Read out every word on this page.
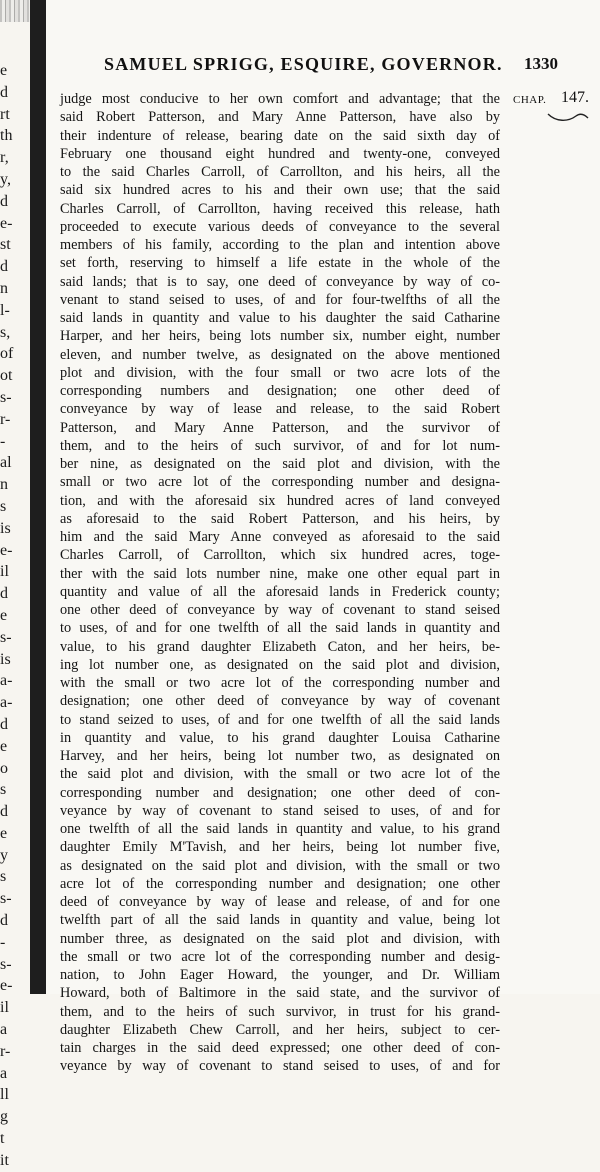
e
d
rt
th
r,
y,
d
e-
st
d
n
l-
s,
of
ot
s-
r-
-
al
n
s
is
e-
il
d
e
s-
is
a-
a-
d
e
o
s
d
e
y
s
s-
d
-
s-
e-
il
a
r-
a
ll
g
t
it
SAMUEL SPRIGG, ESQUIRE, GOVERNOR. 1330
CHAP. 147.
judge most conducive to her own comfort and advantage; that the
said Robert Patterson, and Mary Anne Patterson, have also by
their indenture of release, bearing date on the said sixth day of
February one thousand eight hundred and twenty-one, conveyed
to the said Charles Carroll, of Carrollton, and his heirs, all the
said six hundred acres to his and their own use; that the said
Charles Carroll, of Carrollton, having received this release, hath
proceeded to execute various deeds of conveyance to the several
members of his family, according to the plan and intention above
set forth, reserving to himself a life estate in the whole of the
said lands; that is to say, one deed of conveyance by way of co-
venant to stand seised to uses, of and for four-twelfths of all the
said lands in quantity and value to his daughter the said Catharine
Harper, and her heirs, being lots number six, number eight, number
eleven, and number twelve, as designated on the above mentioned
plot and division, with the four small or two acre lots of the
corresponding numbers and designation; one other deed of
conveyance by way of lease and release, to the said Robert
Patterson, and Mary Anne Patterson, and the survivor of
them, and to the heirs of such survivor, of and for lot num-
ber nine, as designated on the said plot and division, with the
small or two acre lot of the corresponding number and designa-
tion, and with the aforesaid six hundred acres of land conveyed
as aforesaid to the said Robert Patterson, and his heirs, by
him and the said Mary Anne conveyed as aforesaid to the said
Charles Carroll, of Carrollton, which six hundred acres, toge-
ther with the said lots number nine, make one other equal part in
quantity and value of all the aforesaid lands in Frederick county;
one other deed of conveyance by way of covenant to stand seised
to uses, of and for one twelfth of all the said lands in quantity and
value, to his grand daughter Elizabeth Caton, and her heirs, be-
ing lot number one, as designated on the said plot and division,
with the small or two acre lot of the corresponding number and
designation; one other deed of conveyance by way of covenant
to stand seized to uses, of and for one twelfth of all the said lands
in quantity and value, to his grand daughter Louisa Catharine
Harvey, and her heirs, being lot number two, as designated on
the said plot and division, with the small or two acre lot of the
corresponding number and designation; one other deed of con-
veyance by way of covenant to stand seised to uses, of and for
one twelfth of all the said lands in quantity and value, to his grand
daughter Emily M'Tavish, and her heirs, being lot number five,
as designated on the said plot and division, with the small or two
acre lot of the corresponding number and designation; one other
deed of conveyance by way of lease and release, of and for one
twelfth part of all the said lands in quantity and value, being lot
number three, as designated on the said plot and division, with
the small or two acre lot of the corresponding number and desig-
nation, to John Eager Howard, the younger, and Dr. William
Howard, both of Baltimore in the said state, and the survivor of
them, and to the heirs of such survivor, in trust for his grand-
daughter Elizabeth Chew Carroll, and her heirs, subject to cer-
tain charges in the said deed expressed; one other deed of con-
veyance by way of covenant to stand seised to uses, of and for
